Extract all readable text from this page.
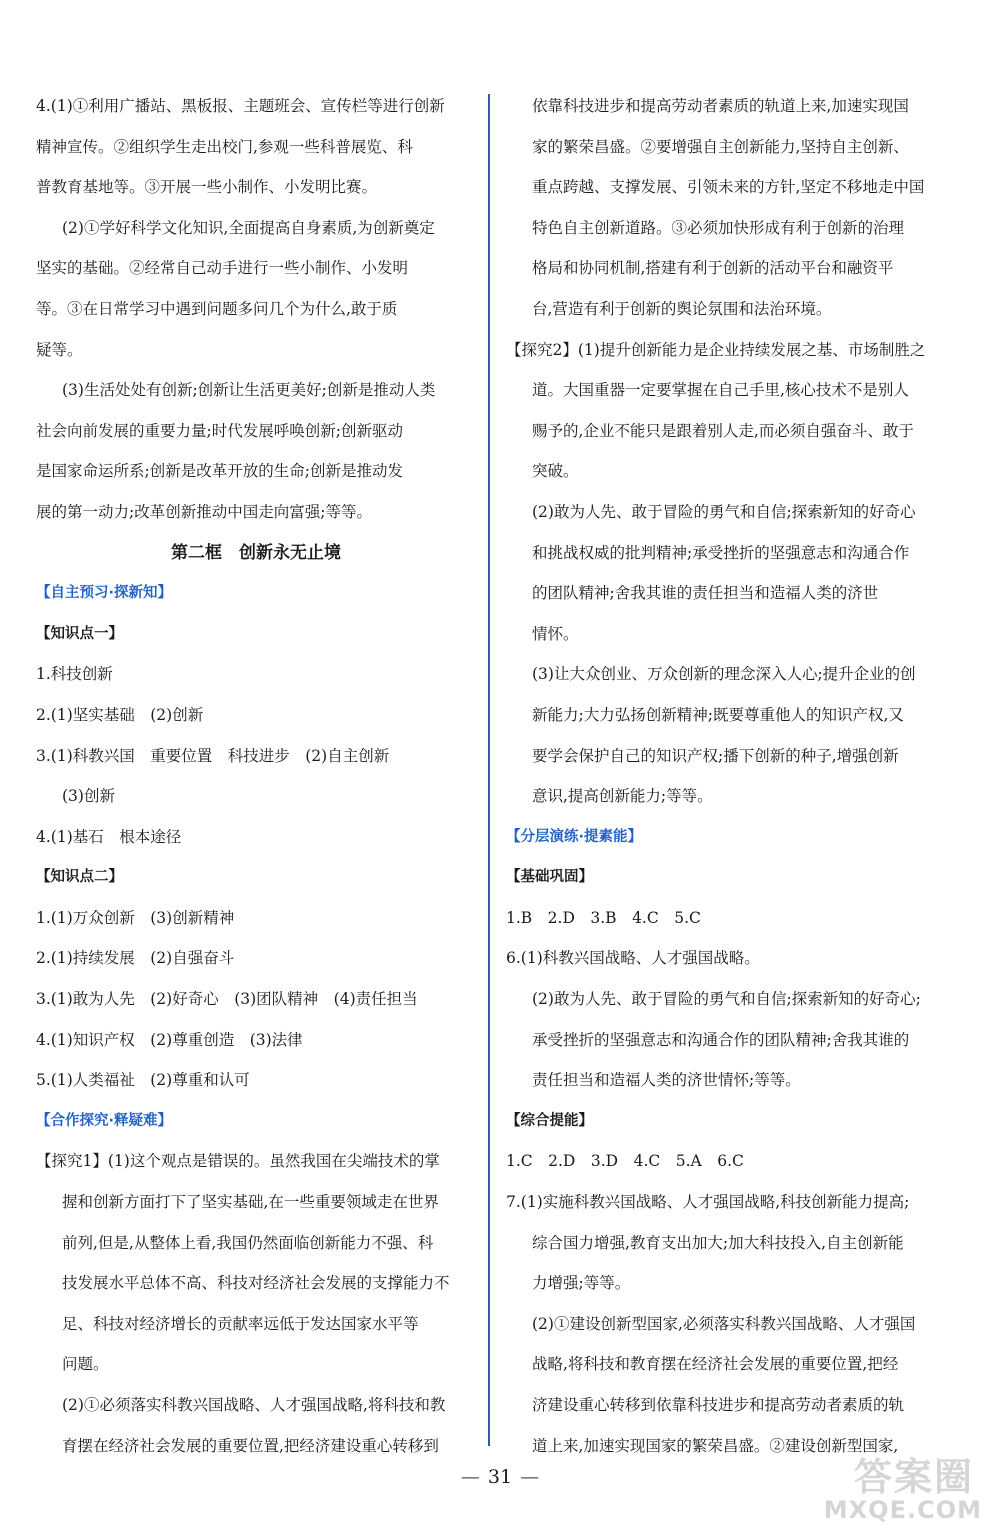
4.(1)①利用广播站、黑板报、主题班会、宣传栏等进行创新
精神宣传。②组织学生走出校门,参观一些科普展览、科
普教育基地等。③开展一些小制作、小发明比赛。
(2)①学好科学文化知识,全面提高自身素质,为创新奠定
坚实的基础。②经常自己动手进行一些小制作、小发明
等。③在日常学习中遇到问题多问几个为什么,敢于质
疑等。
(3)生活处处有创新;创新让生活更美好;创新是推动人类
社会向前发展的重要力量;时代发展呼唤创新;创新驱动
是国家命运所系;创新是改革开放的生命;创新是推动发
展的第一动力;改革创新推动中国走向富强;等等。
第二框　创新永无止境
【自主预习·探新知】
【知识点一】
1.科技创新
2.(1)坚实基础　(2)创新
3.(1)科教兴国　重要位置　科技进步　(2)自主创新
(3)创新
4.(1)基石　根本途径
【知识点二】
1.(1)万众创新　(3)创新精神
2.(1)持续发展　(2)自强奋斗
3.(1)敢为人先　(2)好奇心　(3)团队精神　(4)责任担当
4.(1)知识产权　(2)尊重创造　(3)法律
5.(1)人类福祉　(2)尊重和认可
【合作探究·释疑难】
【探究1】(1)这个观点是错误的。虽然我国在尖端技术的掌
握和创新方面打下了坚实基础,在一些重要领域走在世界
前列,但是,从整体上看,我国仍然面临创新能力不强、科
技发展水平总体不高、科技对经济社会发展的支撑能力不
足、科技对经济增长的贡献率远低于发达国家水平等
问题。
(2)①必须落实科教兴国战略、人才强国战略,将科技和教
育摆在经济社会发展的重要位置,把经济建设重心转移到
依靠科技进步和提高劳动者素质的轨道上来,加速实现国
家的繁荣昌盛。②要增强自主创新能力,坚持自主创新、
重点跨越、支撑发展、引领未来的方针,坚定不移地走中国
特色自主创新道路。③必须加快形成有利于创新的治理
格局和协同机制,搭建有利于创新的活动平台和融资平
台,营造有利于创新的舆论氛围和法治环境。
【探究2】(1)提升创新能力是企业持续发展之基、市场制胜之
道。大国重器一定要掌握在自己手里,核心技术不是别人
赐予的,企业不能只是跟着别人走,而必须自强奋斗、敢于
突破。
(2)敢为人先、敢于冒险的勇气和自信;探索新知的好奇心
和挑战权威的批判精神;承受挫折的坚强意志和沟通合作
的团队精神;舍我其谁的责任担当和造福人类的济世
情怀。
(3)让大众创业、万众创新的理念深入人心;提升企业的创
新能力;大力弘扬创新精神;既要尊重他人的知识产权,又
要学会保护自己的知识产权;播下创新的种子,增强创新
意识,提高创新能力;等等。
【分层演练·提素能】
【基础巩固】
1.B　2.D　3.B　4.C　5.C
6.(1)科教兴国战略、人才强国战略。
(2)敢为人先、敢于冒险的勇气和自信;探索新知的好奇心;
承受挫折的坚强意志和沟通合作的团队精神;舍我其谁的
责任担当和造福人类的济世情怀;等等。
【综合提能】
1.C　2.D　3.D　4.C　5.A　6.C
7.(1)实施科教兴国战略、人才强国战略,科技创新能力提高;
综合国力增强,教育支出加大;加大科技投入,自主创新能
力增强;等等。
(2)①建设创新型国家,必须落实科教兴国战略、人才强国
战略,将科技和教育摆在经济社会发展的重要位置,把经
济建设重心转移到依靠科技进步和提高劳动者素质的轨
道上来,加速实现国家的繁荣昌盛。②建设创新型国家,
— 31 —	答案圈
MXQE.COM
